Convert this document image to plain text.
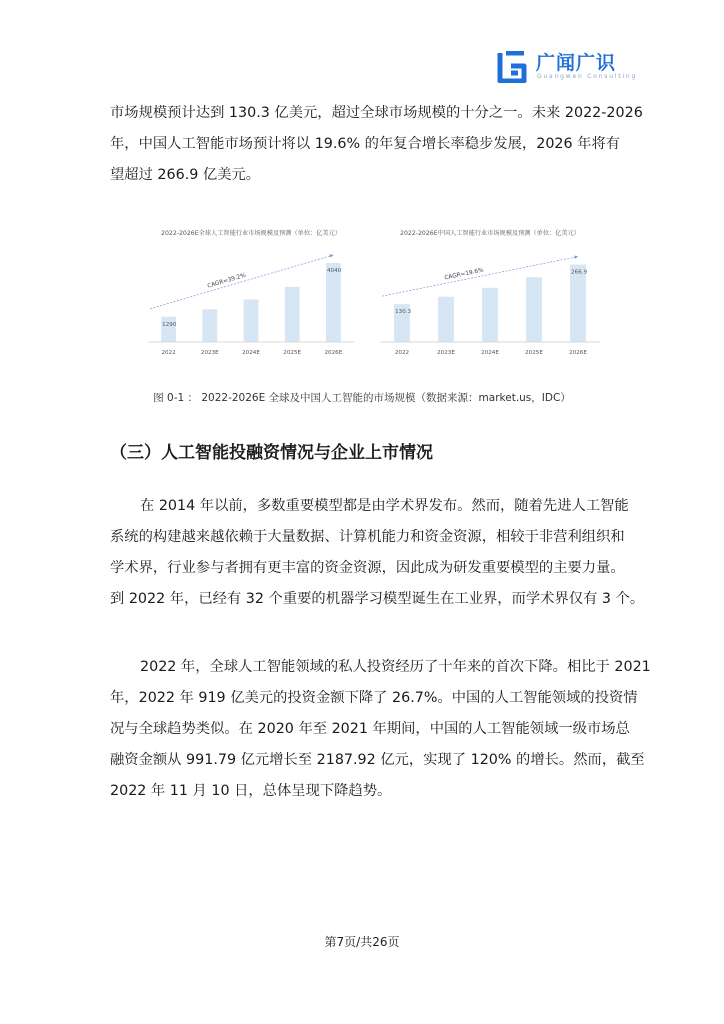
广闻广识
Guangwen Consulting

市场规模预计达到 130.3 亿美元，超过全球市场规模的十分之一。未来 2022-2026
年，中国人工智能市场预计将以 19.6% 的年复合增长率稳步发展，2026 年将有
望超过 266.9 亿美元。

2022-2026E全球人工智能行业市场规模及预测（单位：亿美元）
2022
1290
2023E	2024E	2025E	2026E
4040
CAGR=39.2%
2022-2026E中国人工智能行业市场规模及预测（单位：亿美元）
2022
130.3
2023E	2024E	2025E	2026E
266.9
CAGR=19.6%
图 0-1 ： 2022-2026E 全球及中国人工智能的市场规模（数据来源：market.us，IDC）
（三）人工智能投融资情况与企业上市情况

在 2014 年以前，多数重要模型都是由学术界发布。然而，随着先进人工智能
系统的构建越来越依赖于大量数据、计算机能力和资金资源，相较于非营利组织和
学术界，行业参与者拥有更丰富的资金资源，因此成为研发重要模型的主要力量。
到 2022 年，已经有 32 个重要的机器学习模型诞生在工业界，而学术界仅有 3 个。

2022 年，全球人工智能领域的私人投资经历了十年来的首次下降。相比于 2021
年，2022 年 919 亿美元的投资金额下降了 26.7%。中国的人工智能领域的投资情
况与全球趋势类似。在 2020 年至 2021 年期间，中国的人工智能领域一级市场总
融资金额从 991.79 亿元增长至 2187.92 亿元，实现了 120% 的增长。然而，截至
2022 年 11 月 10 日，总体呈现下降趋势。

第7页/共26页
